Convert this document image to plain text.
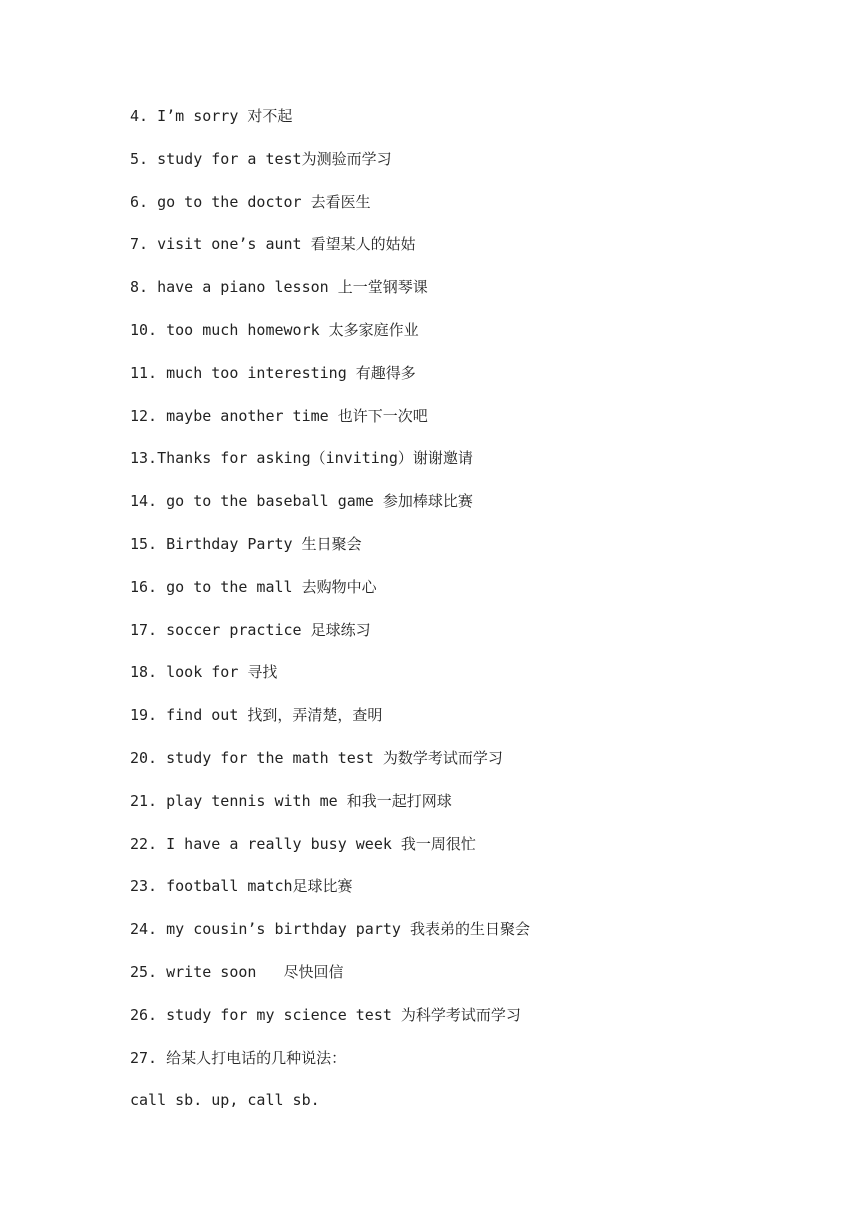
4. I’m sorry 对不起
5. study for a test为测验而学习
6. go to the doctor 去看医生
7. visit one’s aunt 看望某人的姑姑
8. have a piano lesson 上一堂钢琴课
10. too much homework 太多家庭作业
11. much too interesting 有趣得多
12. maybe another time 也许下一次吧
13.Thanks for asking（inviting）谢谢邀请
14. go to the baseball game 参加棒球比赛
15. Birthday Party 生日聚会
16. go to the mall 去购物中心
17. soccer practice 足球练习
18. look for 寻找
19. find out 找到，弄清楚，查明
20. study for the math test 为数学考试而学习
21. play tennis with me 和我一起打网球
22. I have a really busy week 我一周很忙
23. football match足球比赛
24. my cousin’s birthday party 我表弟的生日聚会
25. write soon   尽快回信
26. study for my science test 为科学考试而学习
27. 给某人打电话的几种说法：
call sb. up, call sb.
